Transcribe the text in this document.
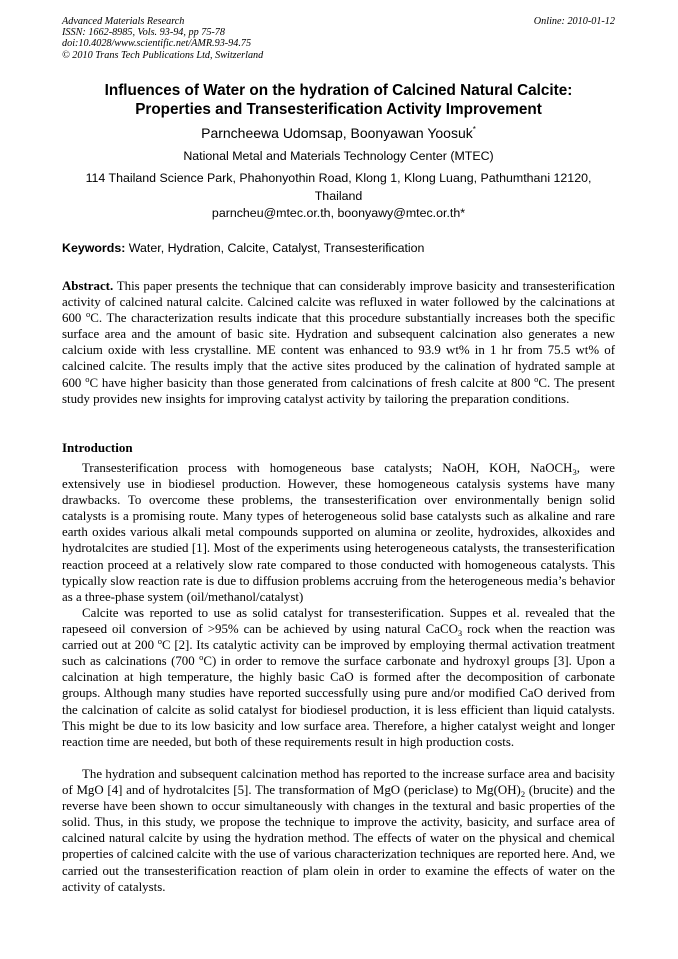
Advanced Materials Research
ISSN: 1662-8985, Vols. 93-94, pp 75-78
doi:10.4028/www.scientific.net/AMR.93-94.75
© 2010 Trans Tech Publications Ltd, Switzerland
Online: 2010-01-12
Influences of Water on the hydration of Calcined Natural Calcite:
Properties and Transesterification Activity Improvement
Parncheewa Udomsap, Boonyawan Yoosuk*
National Metal and Materials Technology Center (MTEC)
114 Thailand Science Park, Phahonyothin Road, Klong 1, Klong Luang, Pathumthani 12120,
Thailand
parncheu@mtec.or.th, boonyawy@mtec.or.th*
Keywords: Water, Hydration, Calcite, Catalyst, Transesterification
Abstract. This paper presents the technique that can considerably improve basicity and transesterification activity of calcined natural calcite. Calcined calcite was refluxed in water followed by the calcinations at 600 $^o$C. The characterization results indicate that this procedure substantially increases both the specific surface area and the amount of basic site. Hydration and subsequent calcination also generates a new calcium oxide with less crystalline. ME content was enhanced to 93.9 wt% in 1 hr from 75.5 wt% of calcined calcite. The results imply that the active sites produced by the calination of hydrated sample at 600 $^o$C have higher basicity than those generated from calcinations of fresh calcite at 800 $^o$C. The present study provides new insights for improving catalyst activity by tailoring the preparation conditions.
Introduction
Transesterification process with homogeneous base catalysts; NaOH, KOH, NaOCH$_3$, were extensively use in biodiesel production. However, these homogeneous catalysis systems have many drawbacks. To overcome these problems, the transesterification over environmentally benign solid catalysts is a promising route. Many types of heterogeneous solid base catalysts such as alkaline and rare earth oxides various alkali metal compounds supported on alumina or zeolite, hydroxides, alkoxides and hydrotalcites are studied [1]. Most of the experiments using heterogeneous catalysts, the transesterification reaction proceed at a relatively slow rate compared to those conducted with homogeneous catalysts. This typically slow reaction rate is due to diffusion problems accruing from the heterogeneous media’s behavior as a three-phase system (oil/methanol/catalyst)
Calcite was reported to use as solid catalyst for transesterification. Suppes et al. revealed that the rapeseed oil conversion of >95% can be achieved by using natural CaCO$_3$ rock when the reaction was carried out at 200 $^o$C [2]. Its catalytic activity can be improved by employing thermal activation treatment such as calcinations (700 $^o$C) in order to remove the surface carbonate and hydroxyl groups [3]. Upon a calcination at high temperature, the highly basic CaO is formed after the decomposition of carbonate groups. Although many studies have reported successfully using pure and/or modified CaO derived from the calcination of calcite as solid catalyst for biodiesel production, it is less efficient than liquid catalysts. This might be due to its low basicity and low surface area. Therefore, a higher catalyst weight and longer reaction time are needed, but both of these requirements result in high production costs.
The hydration and subsequent calcination method has reported to the increase surface area and bacisity of MgO [4] and of hydrotalcites [5]. The transformation of MgO (periclase) to $Mg(OH)_2$ (brucite) and the reverse have been shown to occur simultaneously with changes in the textural and basic properties of the solid. Thus, in this study, we propose the technique to improve the activity, basicity, and surface area of calcined natural calcite by using the hydration method. The effects of water on the physical and chemical properties of calcined calcite with the use of various characterization techniques are reported here. And, we carried out the transesterification reaction of plam olein in order to examine the effects of water on the activity of catalysts.
